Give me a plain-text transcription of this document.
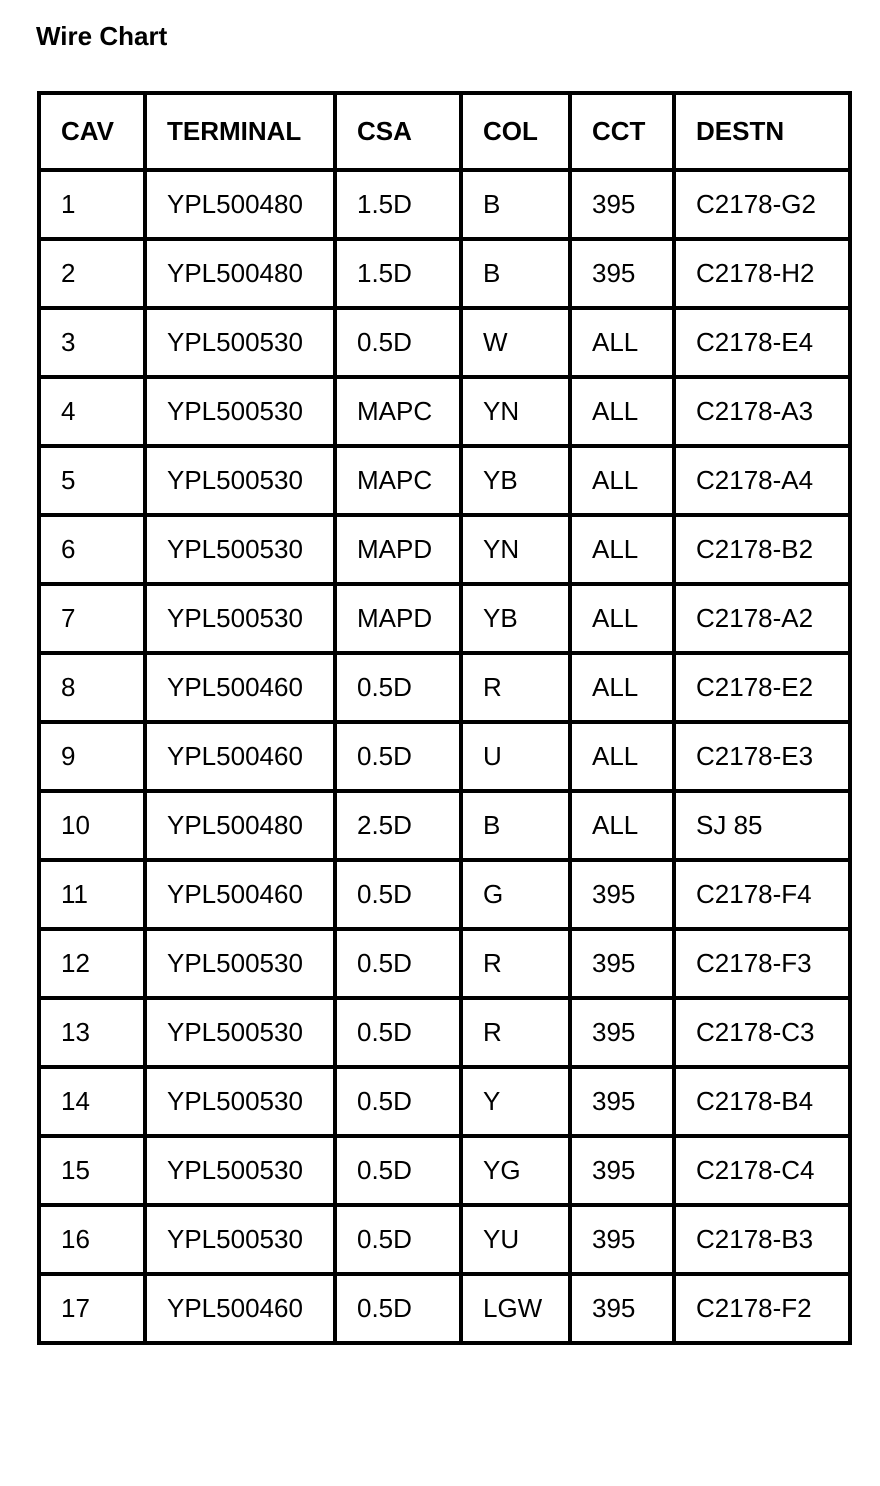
Wire Chart
CAV	TERMINAL	CSA	COL	CCT	DESTN
1	YPL500480	1.5D	B	395	C2178-G2
2	YPL500480	1.5D	B	395	C2178-H2
3	YPL500530	0.5D	W	ALL	C2178-E4
4	YPL500530	MAPC	YN	ALL	C2178-A3
5	YPL500530	MAPC	YB	ALL	C2178-A4
6	YPL500530	MAPD	YN	ALL	C2178-B2
7	YPL500530	MAPD	YB	ALL	C2178-A2
8	YPL500460	0.5D	R	ALL	C2178-E2
9	YPL500460	0.5D	U	ALL	C2178-E3
10	YPL500480	2.5D	B	ALL	SJ 85
11	YPL500460	0.5D	G	395	C2178-F4
12	YPL500530	0.5D	R	395	C2178-F3
13	YPL500530	0.5D	R	395	C2178-C3
14	YPL500530	0.5D	Y	395	C2178-B4
15	YPL500530	0.5D	YG	395	C2178-C4
16	YPL500530	0.5D	YU	395	C2178-B3
17	YPL500460	0.5D	LGW	395	C2178-F2
